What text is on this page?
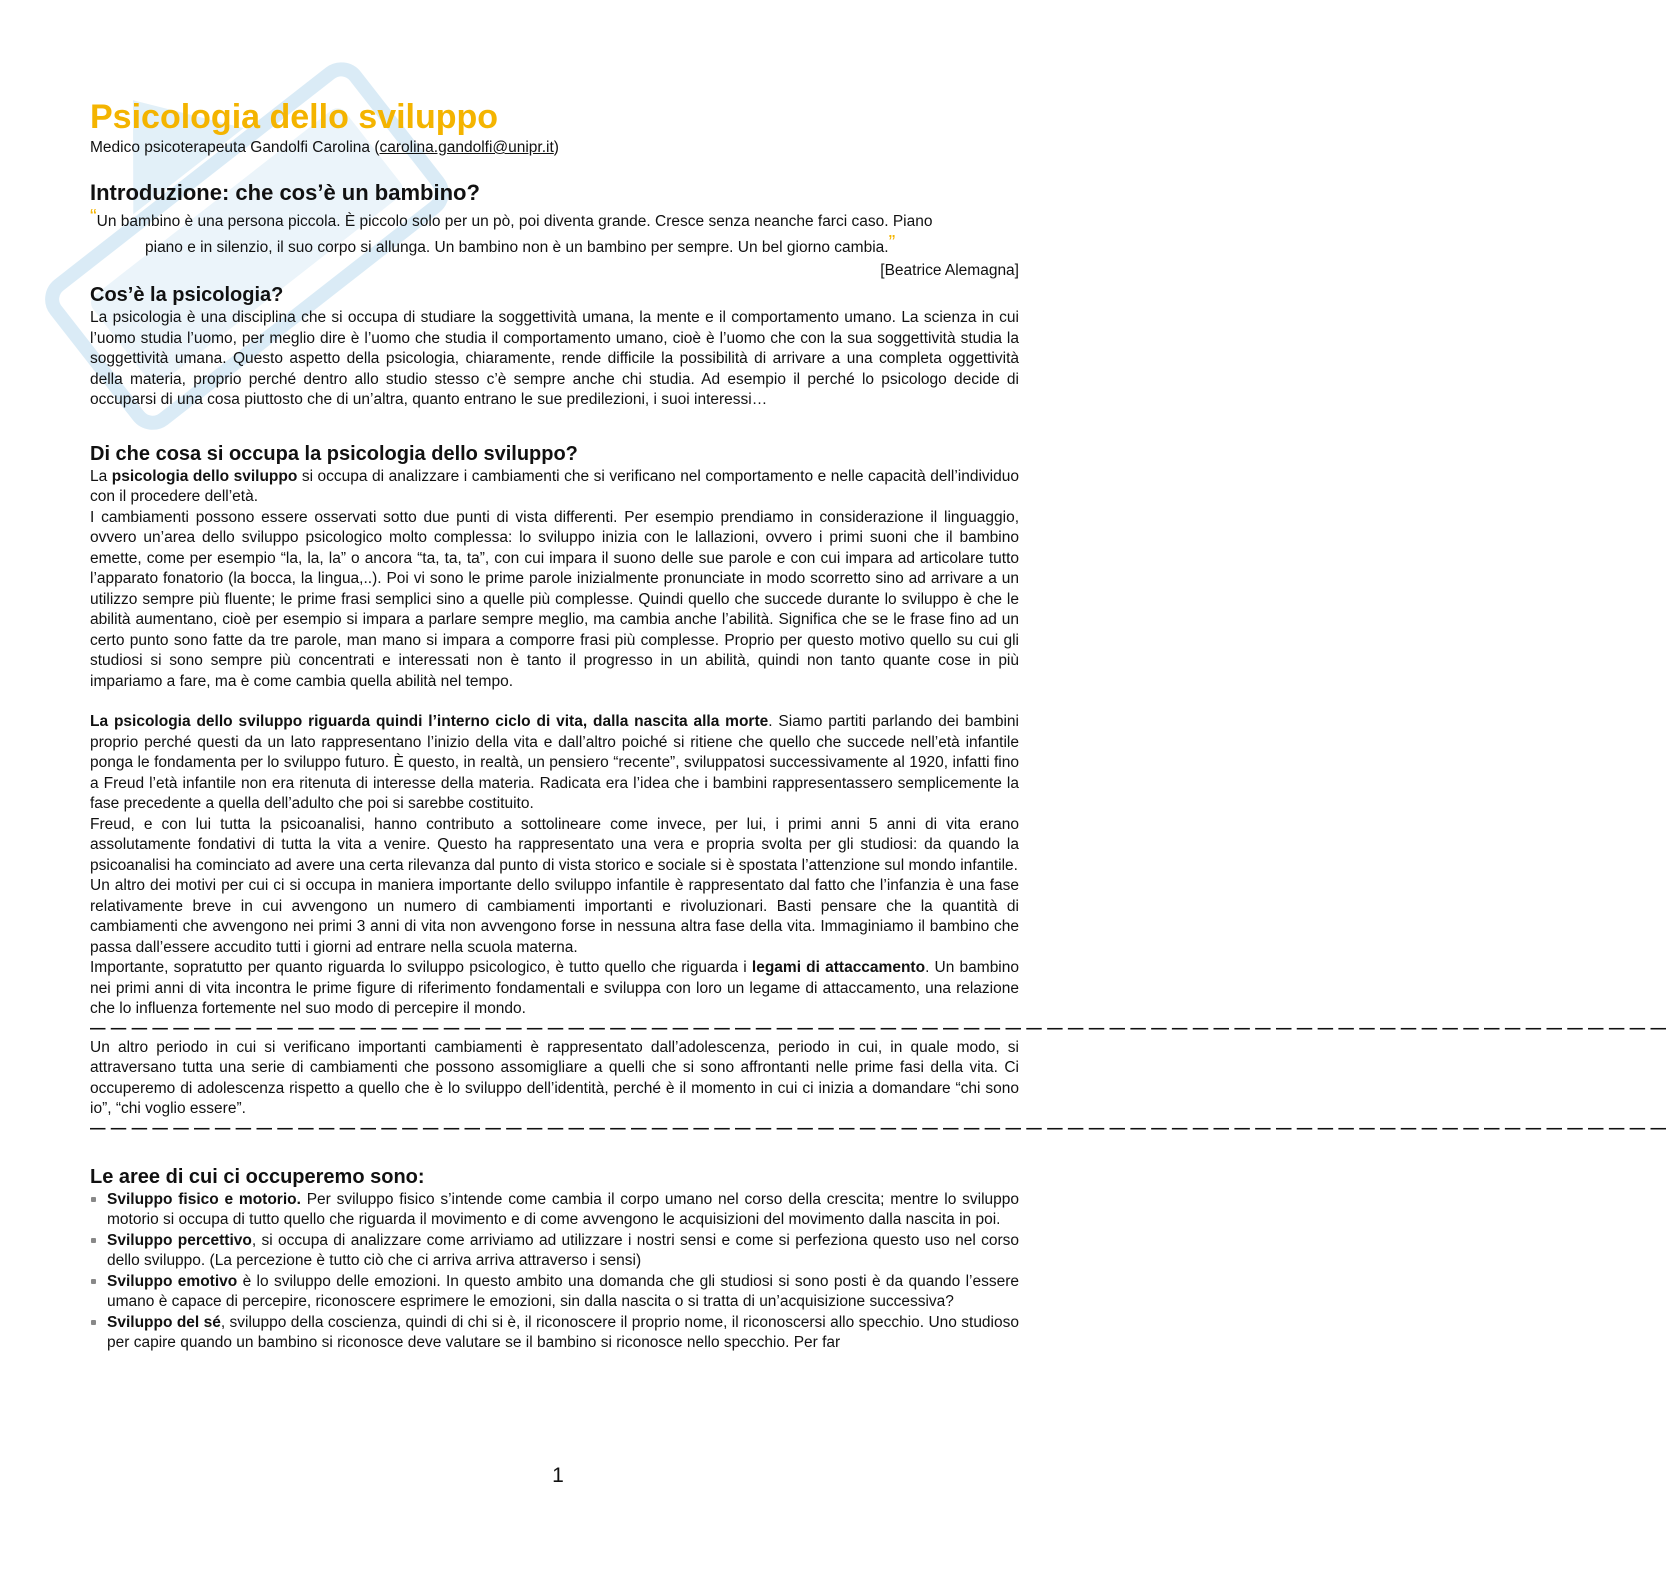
Psicologia dello sviluppo
Medico psicoterapeuta Gandolfi Carolina (carolina.gandolfi@unipr.it)
Introduzione: che cos’è un bambino?
“Un bambino è una persona piccola. È piccolo solo per un pò, poi diventa grande. Cresce senza neanche farci caso. Piano
piano e in silenzio, il suo corpo si allunga. Un bambino non è un bambino per sempre. Un bel giorno cambia.”
[Beatrice Alemagna]
Cos’è la psicologia?

La psicologia è una disciplina che si occupa di studiare la soggettività umana, la mente e il comportamento umano. La scienza in cui l’uomo studia l’uomo, per meglio dire è l’uomo che studia il comportamento umano, cioè è l’uomo che con la sua soggettività studia la soggettività umana. Questo aspetto della psicologia, chiaramente, rende difficile la possibilità di arrivare a una completa oggettività della materia, proprio perché dentro allo studio stesso c’è sempre anche chi studia. Ad esempio il perché lo psicologo decide di occuparsi di una cosa piuttosto che di un’altra, quanto entrano le sue predilezioni, i suoi interessi…

Di che cosa si occupa la psicologia dello sviluppo?

La psicologia dello sviluppo si occupa di analizzare i cambiamenti che si verificano nel comportamento e nelle capacità dell’individuo con il procedere dell’età.

I cambiamenti possono essere osservati sotto due punti di vista differenti. Per esempio prendiamo in considerazione il linguaggio, ovvero un’area dello sviluppo psicologico molto complessa: lo sviluppo inizia con le lallazioni, ovvero i primi suoni che il bambino emette, come per esempio “la, la, la” o ancora “ta, ta, ta”, con cui impara il suono delle sue parole e con cui impara ad articolare tutto l’apparato fonatorio (la bocca, la lingua,..). Poi vi sono le prime parole inizialmente pronunciate in modo scorretto sino ad arrivare a un utilizzo sempre più fluente; le prime frasi semplici sino a quelle più complesse. Quindi quello che succede durante lo sviluppo è che le abilità aumentano, cioè per esempio si impara a parlare sempre meglio, ma cambia anche l’abilità. Significa che se le frase fino ad un certo punto sono fatte da tre parole, man mano si impara a comporre frasi più complesse. Proprio per questo motivo quello su cui gli studiosi si sono sempre più concentrati e interessati non è tanto il progresso in un abilità, quindi non tanto quante cose in più impariamo a fare, ma è come cambia quella abilità nel tempo.

La psicologia dello sviluppo riguarda quindi l’interno ciclo di vita, dalla nascita alla morte. Siamo partiti parlando dei bambini proprio perché questi da un lato rappresentano l’inizio della vita e dall’altro poiché si ritiene che quello che succede nell’età infantile ponga le fondamenta per lo sviluppo futuro. È questo, in realtà, un pensiero “recente”, sviluppatosi successivamente al 1920, infatti fino a Freud l’età infantile non era ritenuta di interesse della materia. Radicata era l’idea che i bambini rappresentassero semplicemente la fase precedente a quella dell’adulto che poi si sarebbe costituito.

Freud, e con lui tutta la psicoanalisi, hanno contributo a sottolineare come invece, per lui, i primi anni 5 anni di vita erano assolutamente fondativi di tutta la vita a venire. Questo ha rappresentato una vera e propria svolta per gli studiosi: da quando la psicoanalisi ha cominciato ad avere una certa rilevanza dal punto di vista storico e sociale si è spostata l’attenzione sul mondo infantile.

Un altro dei motivi per cui ci si occupa in maniera importante dello sviluppo infantile è rappresentato dal fatto che l’infanzia è una fase relativamente breve in cui avvengono un numero di cambiamenti importanti e rivoluzionari. Basti pensare che la quantità di cambiamenti che avvengono nei primi 3 anni di vita non avvengono forse in nessuna altra fase della vita. Immaginiamo il bambino che passa dall’essere accudito tutti i giorni ad entrare nella scuola materna.

Importante, sopratutto per quanto riguarda lo sviluppo psicologico, è tutto quello che riguarda i legami di attaccamento. Un bambino nei primi anni di vita incontra le prime figure di riferimento fondamentali e sviluppa con loro un legame di attaccamento, una relazione che lo influenza fortemente nel suo modo di percepire il mondo.

— — — — — — — — — — — — — — — — — — — — — — — — — — — — — — — — — — — — — — — — — — — — — — — — — — — — — — — — — — — — — — — — — — — — — — — — — — — —

Un altro periodo in cui si verificano importanti cambiamenti è rappresentato dall’adolescenza, periodo in cui, in quale modo, si attraversano tutta una serie di cambiamenti che possono assomigliare a quelli che si sono affrontanti nelle prime fasi della vita. Ci occuperemo di adolescenza rispetto a quello che è lo sviluppo dell’identità, perché è il momento in cui ci inizia a domandare “chi sono io”, “chi voglio essere”.

— — — — — — — — — — — — — — — — — — — — — — — — — — — — — — — — — — — — — — — — — — — — — — — — — — — — — — — — — — — — — — — — — — — — — — — — — — — —
Le aree di cui ci occuperemo sono:
Sviluppo fisico e motorio. Per sviluppo fisico s’intende come cambia il corpo umano nel corso della crescita; mentre lo sviluppo motorio si occupa di tutto quello che riguarda il movimento e di come avvengono le acquisizioni del movimento dalla nascita in poi.
Sviluppo percettivo, si occupa di analizzare come arriviamo ad utilizzare i nostri sensi e come si perfeziona questo uso nel corso dello sviluppo. (La percezione è tutto ciò che ci arriva arriva attraverso i sensi)
Sviluppo emotivo è lo sviluppo delle emozioni. In questo ambito una domanda che gli studiosi si sono posti è da quando l’essere umano è capace di percepire, riconoscere esprimere le emozioni, sin dalla nascita o si tratta di un’acquisizione successiva?
Sviluppo del sé, sviluppo della coscienza, quindi di chi si è, il riconoscere il proprio nome, il riconoscersi allo specchio. Uno studioso per capire quando un bambino si riconosce deve valutare se il bambino si riconosce nello specchio. Per far
1
